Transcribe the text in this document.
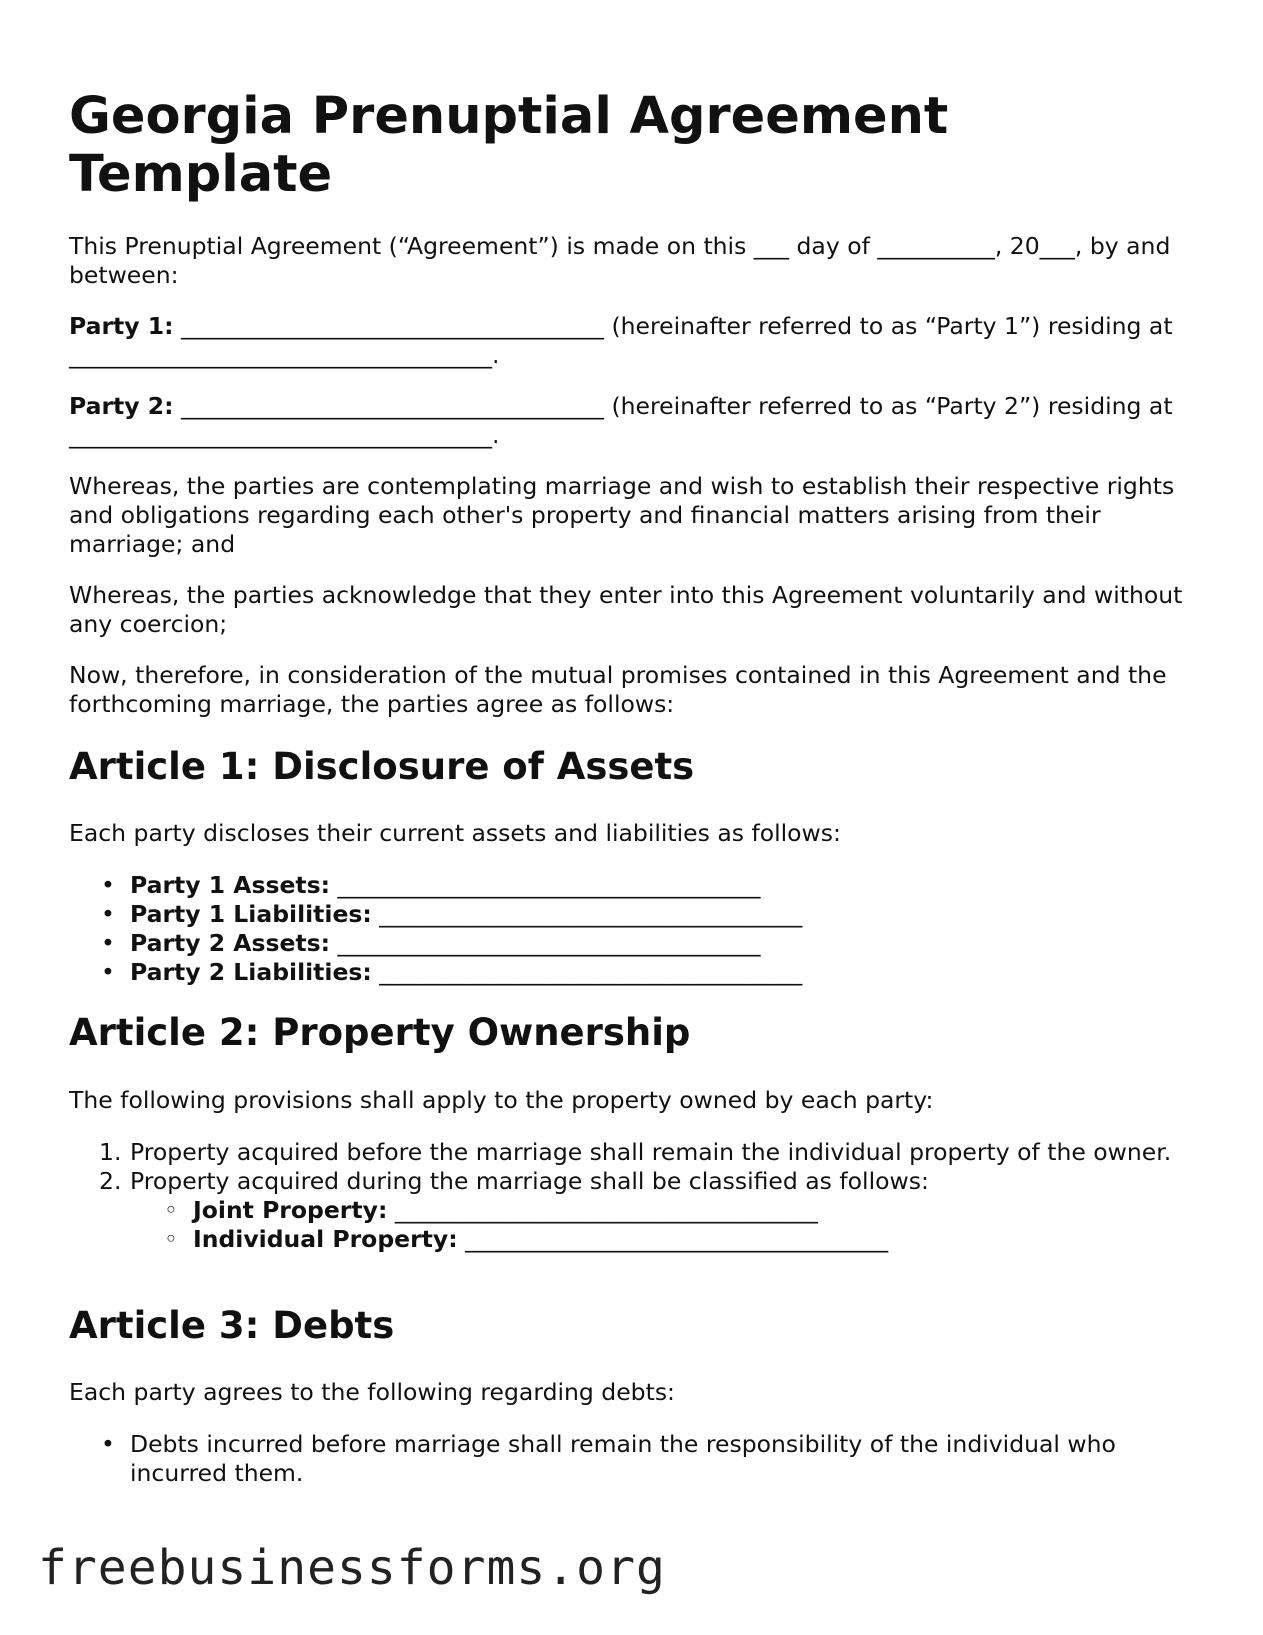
Georgia Prenuptial Agreement Template

This Prenuptial Agreement (“Agreement”) is made on this ___ day of __________, 20___, by and between:

Party 1: ____________________________________ (hereinafter referred to as “Party 1”) residing at ____________________________________.

Party 2: ____________________________________ (hereinafter referred to as “Party 2”) residing at ____________________________________.

Whereas, the parties are contemplating marriage and wish to establish their respective rights and obligations regarding each other's property and financial matters arising from their marriage; and

Whereas, the parties acknowledge that they enter into this Agreement voluntarily and without any coercion;

Now, therefore, in consideration of the mutual promises contained in this Agreement and the forthcoming marriage, the parties agree as follows:

Article 1: Disclosure of Assets

Each party discloses their current assets and liabilities as follows:

• Party 1 Assets: ____________________________________
• Party 1 Liabilities: ____________________________________
• Party 2 Assets: ____________________________________
• Party 2 Liabilities: ____________________________________
Article 2: Property Ownership

The following provisions shall apply to the property owned by each party:

1. Property acquired before the marriage shall remain the individual property of the owner.
2. Property acquired during the marriage shall be classified as follows:
◦ Joint Property: ____________________________________
◦ Individual Property: ____________________________________
Article 3: Debts

Each party agrees to the following regarding debts:

• Debts incurred before marriage shall remain the responsibility of the individual who incurred them.
freebusinessforms.org
